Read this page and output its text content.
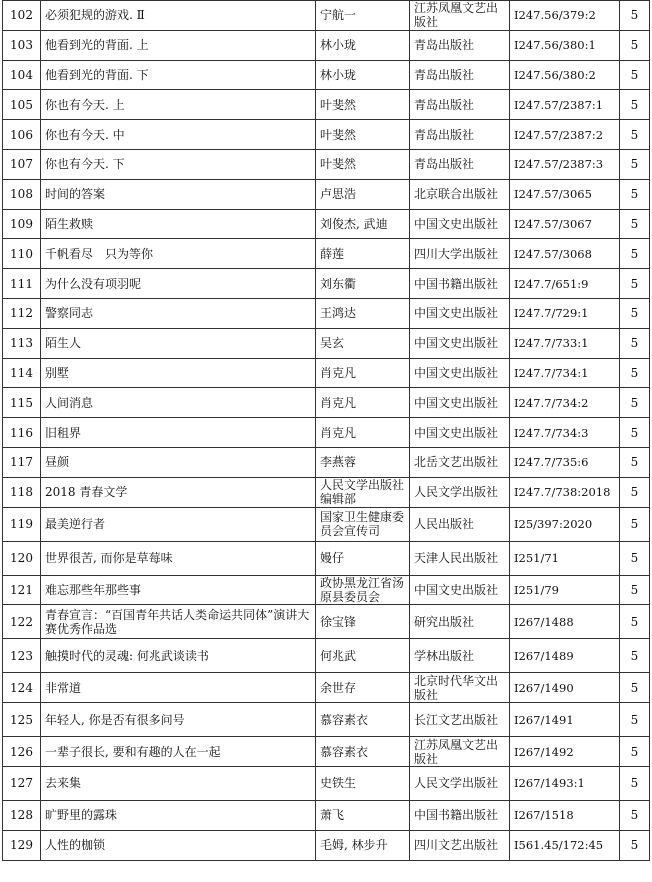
102	必须犯规的游戏. Ⅱ	宁航一	江苏凤凰文艺出版社	I247.56/379:2	5
103	他看到光的背面. 上	林小珑	青岛出版社	I247.56/380:1	5
104	他看到光的背面. 下	林小珑	青岛出版社	I247.56/380:2	5
105	你也有今天. 上	叶斐然	青岛出版社	I247.57/2387:1	5
106	你也有今天. 中	叶斐然	青岛出版社	I247.57/2387:2	5
107	你也有今天. 下	叶斐然	青岛出版社	I247.57/2387:3	5
108	时间的答案	卢思浩	北京联合出版社	I247.57/3065	5
109	陌生救赎	刘俊杰, 武迪	中国文史出版社	I247.57/3067	5
110	千帆看尽　只为等你	薛莲	四川大学出版社	I247.57/3068	5
111	为什么没有项羽呢	刘东衢	中国书籍出版社	I247.7/651:9	5
112	警察同志	王鸿达	中国文史出版社	I247.7/729:1	5
113	陌生人	吴玄	中国文史出版社	I247.7/733:1	5
114	别墅	肖克凡	中国文史出版社	I247.7/734:1	5
115	人间消息	肖克凡	中国文史出版社	I247.7/734:2	5
116	旧租界	肖克凡	中国文史出版社	I247.7/734:3	5
117	昼颜	李燕蓉	北岳文艺出版社	I247.7/735:6	5
118	2018 青春文学	人民文学出版社编辑部	人民文学出版社	I247.7/738:2018	5
119	最美逆行者	国家卫生健康委员会宣传司	人民出版社	I25/397:2020	5
120	世界很苦, 而你是草莓味	嫚仔	天津人民出版社	I251/71	5
121	难忘那些年那些事	政协黑龙江省汤原县委员会	中国文史出版社	I251/79	5
122	青春宣言：“百国青年共话人类命运共同体”演讲大赛优秀作品选	徐宝锋	研究出版社	I267/1488	5
123	触摸时代的灵魂: 何兆武谈读书	何兆武	学林出版社	I267/1489	5
124	非常道	余世存	北京时代华文出版社	I267/1490	5
125	年轻人, 你是否有很多问号	慕容素衣	长江文艺出版社	I267/1491	5
126	一辈子很长, 要和有趣的人在一起	慕容素衣	江苏凤凰文艺出版社	I267/1492	5
127	去来集	史铁生	人民文学出版社	I267/1493:1	5
128	旷野里的露珠	萧飞	中国书籍出版社	I267/1518	5
129	人性的枷锁	毛姆, 林步升	四川文艺出版社	I561.45/172:45	5
